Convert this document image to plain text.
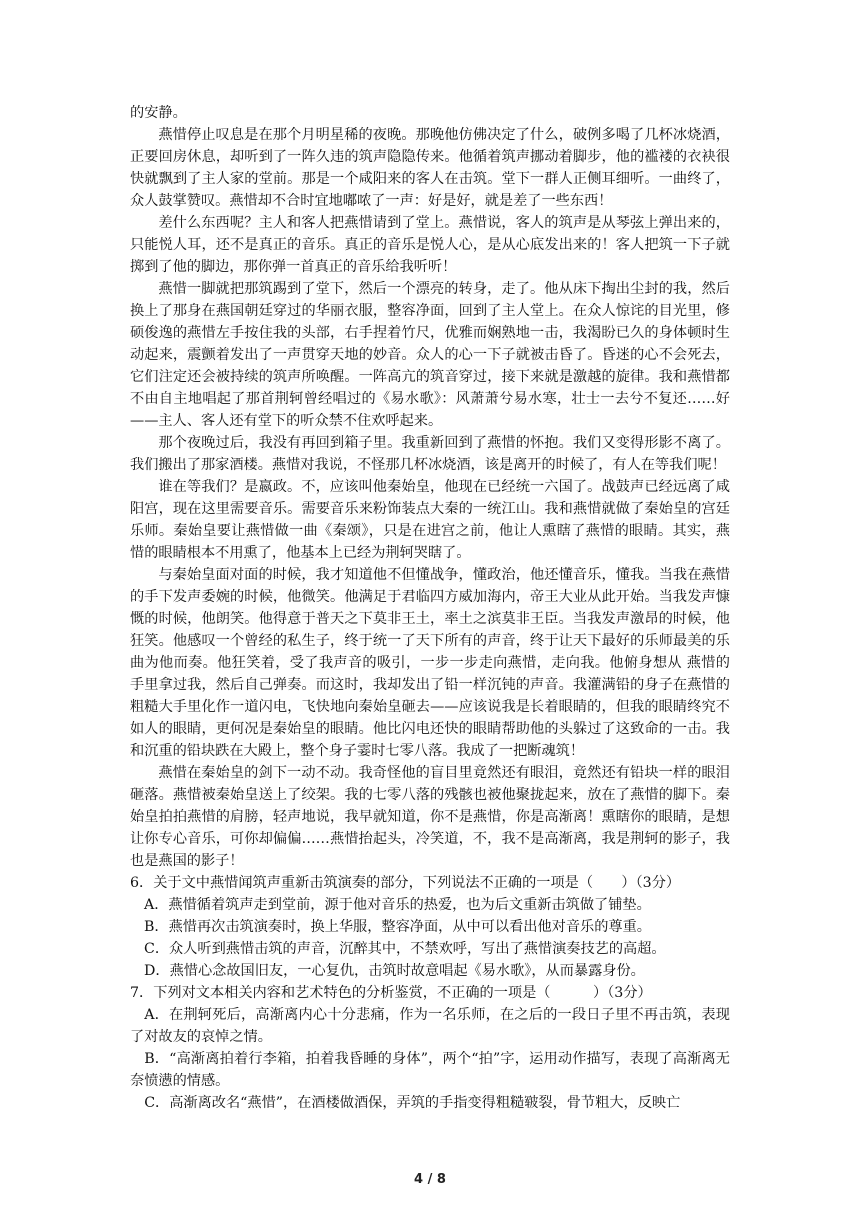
的安静。

燕惜停止叹息是在那个月明星稀的夜晚。那晚他仿佛决定了什么，破例多喝了几杯冰烧酒，正要回房休息，却听到了一阵久违的筑声隐隐传来。他循着筑声挪动着脚步，他的褴褛的衣袂很快就飘到了主人家的堂前。那是一个咸阳来的客人在击筑。堂下一群人正侧耳细听。一曲终了，众人鼓掌赞叹。燕惜却不合时宜地嘟哝了一声：好是好，就是差了一些东西！

差什么东西呢？主人和客人把燕惜请到了堂上。燕惜说，客人的筑声是从琴弦上弹出来的，只能悦人耳，还不是真正的音乐。真正的音乐是悦人心，是从心底发出来的！客人把筑一下子就掷到了他的脚边，那你弹一首真正的音乐给我听听！

燕惜一脚就把那筑踢到了堂下，然后一个漂亮的转身，走了。他从床下掏出尘封的我，然后换上了那身在燕国朝廷穿过的华丽衣服，整容净面，回到了主人堂上。在众人惊诧的目光里，修硕俊逸的燕惜左手按住我的头部，右手捏着竹尺，优雅而娴熟地一击，我渴盼已久的身体顿时生动起来，震颤着发出了一声贯穿天地的妙音。众人的心一下子就被击昏了。昏迷的心不会死去，它们注定还会被持续的筑声所唤醒。一阵高亢的筑音穿过，接下来就是激越的旋律。我和燕惜都不由自主地唱起了那首荆轲曾经唱过的《易水歌》：风萧萧兮易水寒，壮士一去兮不复还……好——主人、客人还有堂下的听众禁不住欢呼起来。

那个夜晚过后，我没有再回到箱子里。我重新回到了燕惜的怀抱。我们又变得形影不离了。我们搬出了那家酒楼。燕惜对我说，不怪那几杯冰烧酒，该是离开的时候了，有人在等我们呢！

谁在等我们？是嬴政。不，应该叫他秦始皇，他现在已经统一六国了。战鼓声已经远离了咸阳宫，现在这里需要音乐。需要音乐来粉饰装点大秦的一统江山。我和燕惜就做了秦始皇的宫廷乐师。秦始皇要让燕惜做一曲《秦颂》，只是在进宫之前，他让人熏瞎了燕惜的眼睛。其实，燕惜的眼睛根本不用熏了，他基本上已经为荆轲哭瞎了。

与秦始皇面对面的时候，我才知道他不但懂战争，懂政治，他还懂音乐，懂我。当我在燕惜的手下发声委婉的时候，他微笑。他满足于君临四方威加海内，帝王大业从此开始。当我发声慷慨的时候，他朗笑。他得意于普天之下莫非王土，率土之滨莫非王臣。当我发声激昂的时候，他狂笑。他感叹一个曾经的私生子，终于统一了天下所有的声音，终于让天下最好的乐师最美的乐曲为他而奏。他狂笑着，受了我声音的吸引，一步一步走向燕惜，走向我。他俯身想从 燕惜的手里拿过我，然后自己弹奏。而这时，我却发出了铅一样沉钝的声音。我灌满铅的身子在燕惜的粗糙大手里化作一道闪电，飞快地向秦始皇砸去——应该说我是长着眼睛的，但我的眼睛终究不如人的眼睛，更何况是秦始皇的眼睛。他比闪电还快的眼睛帮助他的头躲过了这致命的一击。我和沉重的铅块跌在大殿上，整个身子霎时七零八落。我成了一把断魂筑！

燕惜在秦始皇的剑下一动不动。我奇怪他的盲目里竟然还有眼泪，竟然还有铅块一样的眼泪砸落。燕惜被秦始皇送上了绞架。我的七零八落的残骸也被他聚拢起来，放在了燕惜的脚下。秦始皇拍拍燕惜的肩膀，轻声地说，我早就知道，你不是燕惜，你是高渐离！熏瞎你的眼睛，是想让你专心音乐，可你却偏偏……燕惜抬起头，冷笑道，不，我不是高渐离，我是荆轲的影子，我也是燕国的影子！

6．关于文中燕惜闻筑声重新击筑演奏的部分，下列说法不正确的一项是（　　）（3分）

A．燕惜循着筑声走到堂前，源于他对音乐的热爱，也为后文重新击筑做了铺垫。

B．燕惜再次击筑演奏时，换上华服，整容净面，从中可以看出他对音乐的尊重。

C．众人听到燕惜击筑的声音，沉醉其中，不禁欢呼，写出了燕惜演奏技艺的高超。

D．燕惜心念故国旧友，一心复仇，击筑时故意唱起《易水歌》，从而暴露身份。

7．下列对文本相关内容和艺术特色的分析鉴赏，不正确的一项是（　　　）（3分）

A．在荆轲死后，高渐离内心十分悲痛，作为一名乐师，在之后的一段日子里不再击筑，表现了对故友的哀悼之情。

B．“高渐离拍着行李箱，拍着我昏睡的身体”，两个“拍”字，运用动作描写，表现了高渐离无奈愤懑的情感。

C．高渐离改名“燕惜”，在酒楼做酒保，弄筑的手指变得粗糙皲裂，骨节粗大，反映亡

4 / 8
